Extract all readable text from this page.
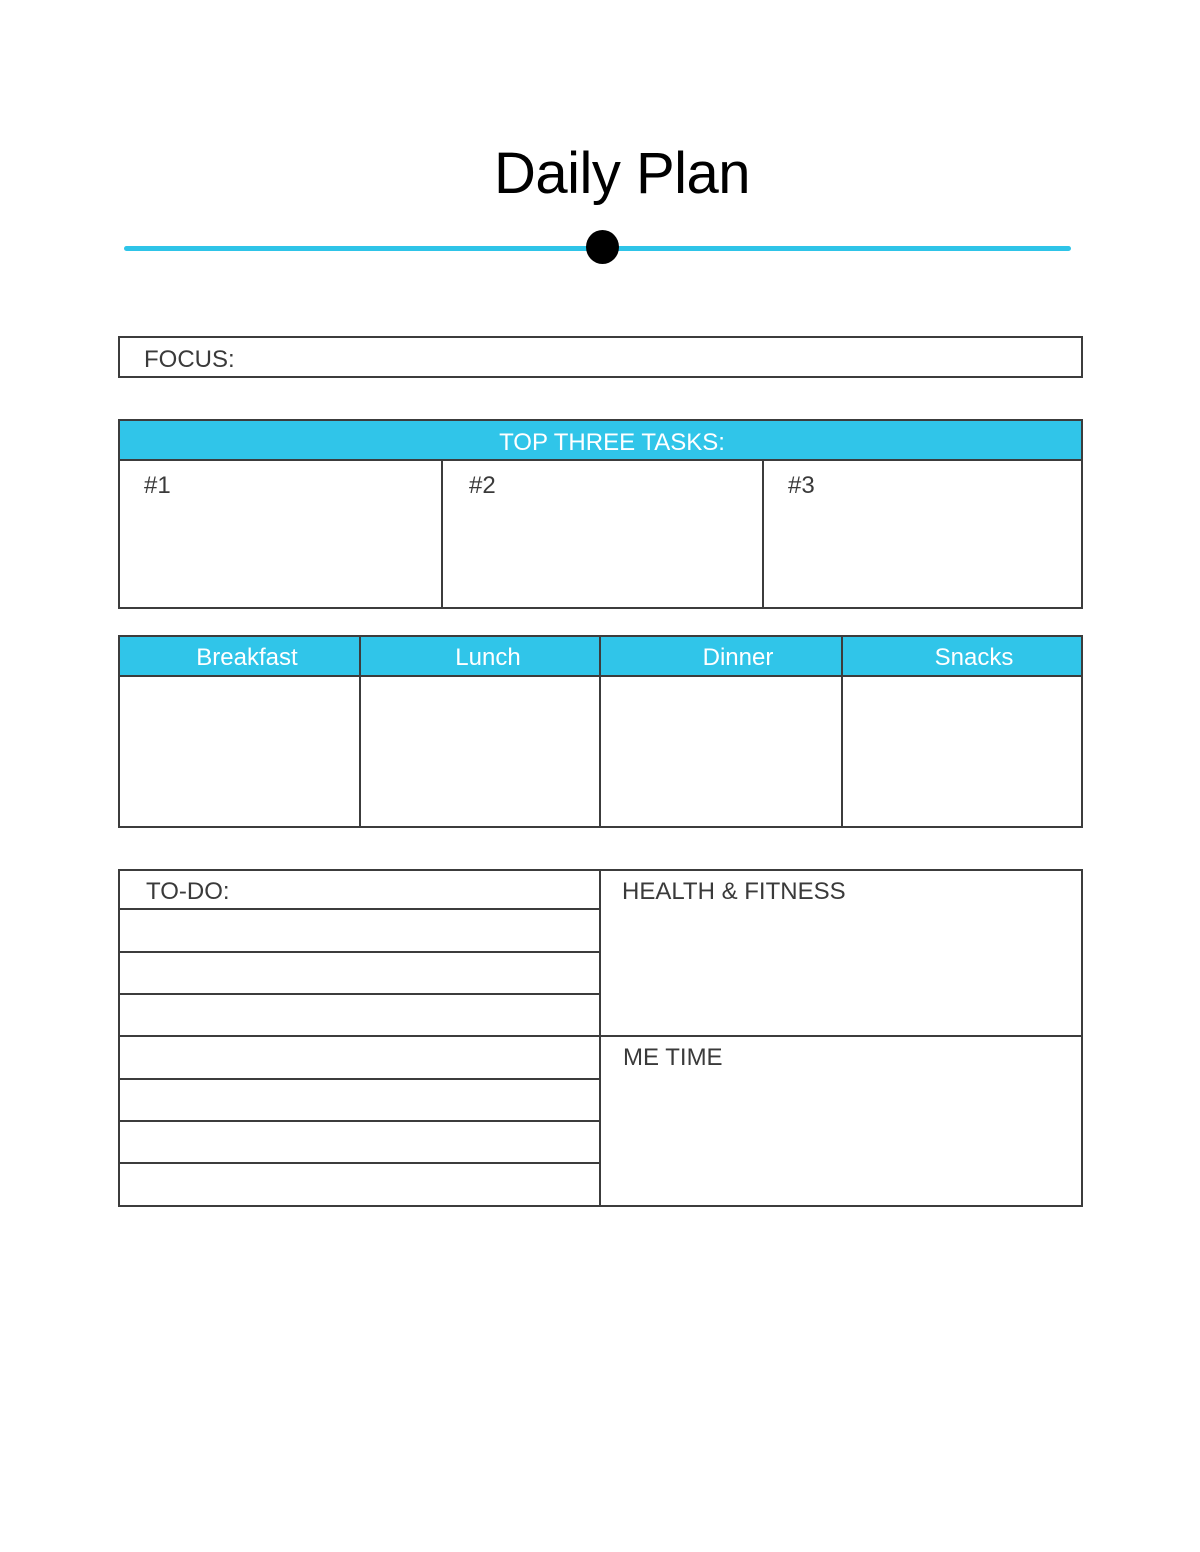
Daily Plan
FOCUS:
TOP THREE TASKS:
#1	#2	#3
Breakfast	Lunch	Dinner	Snacks
TO-DO:	HEALTH & FITNESS
ME TIME
